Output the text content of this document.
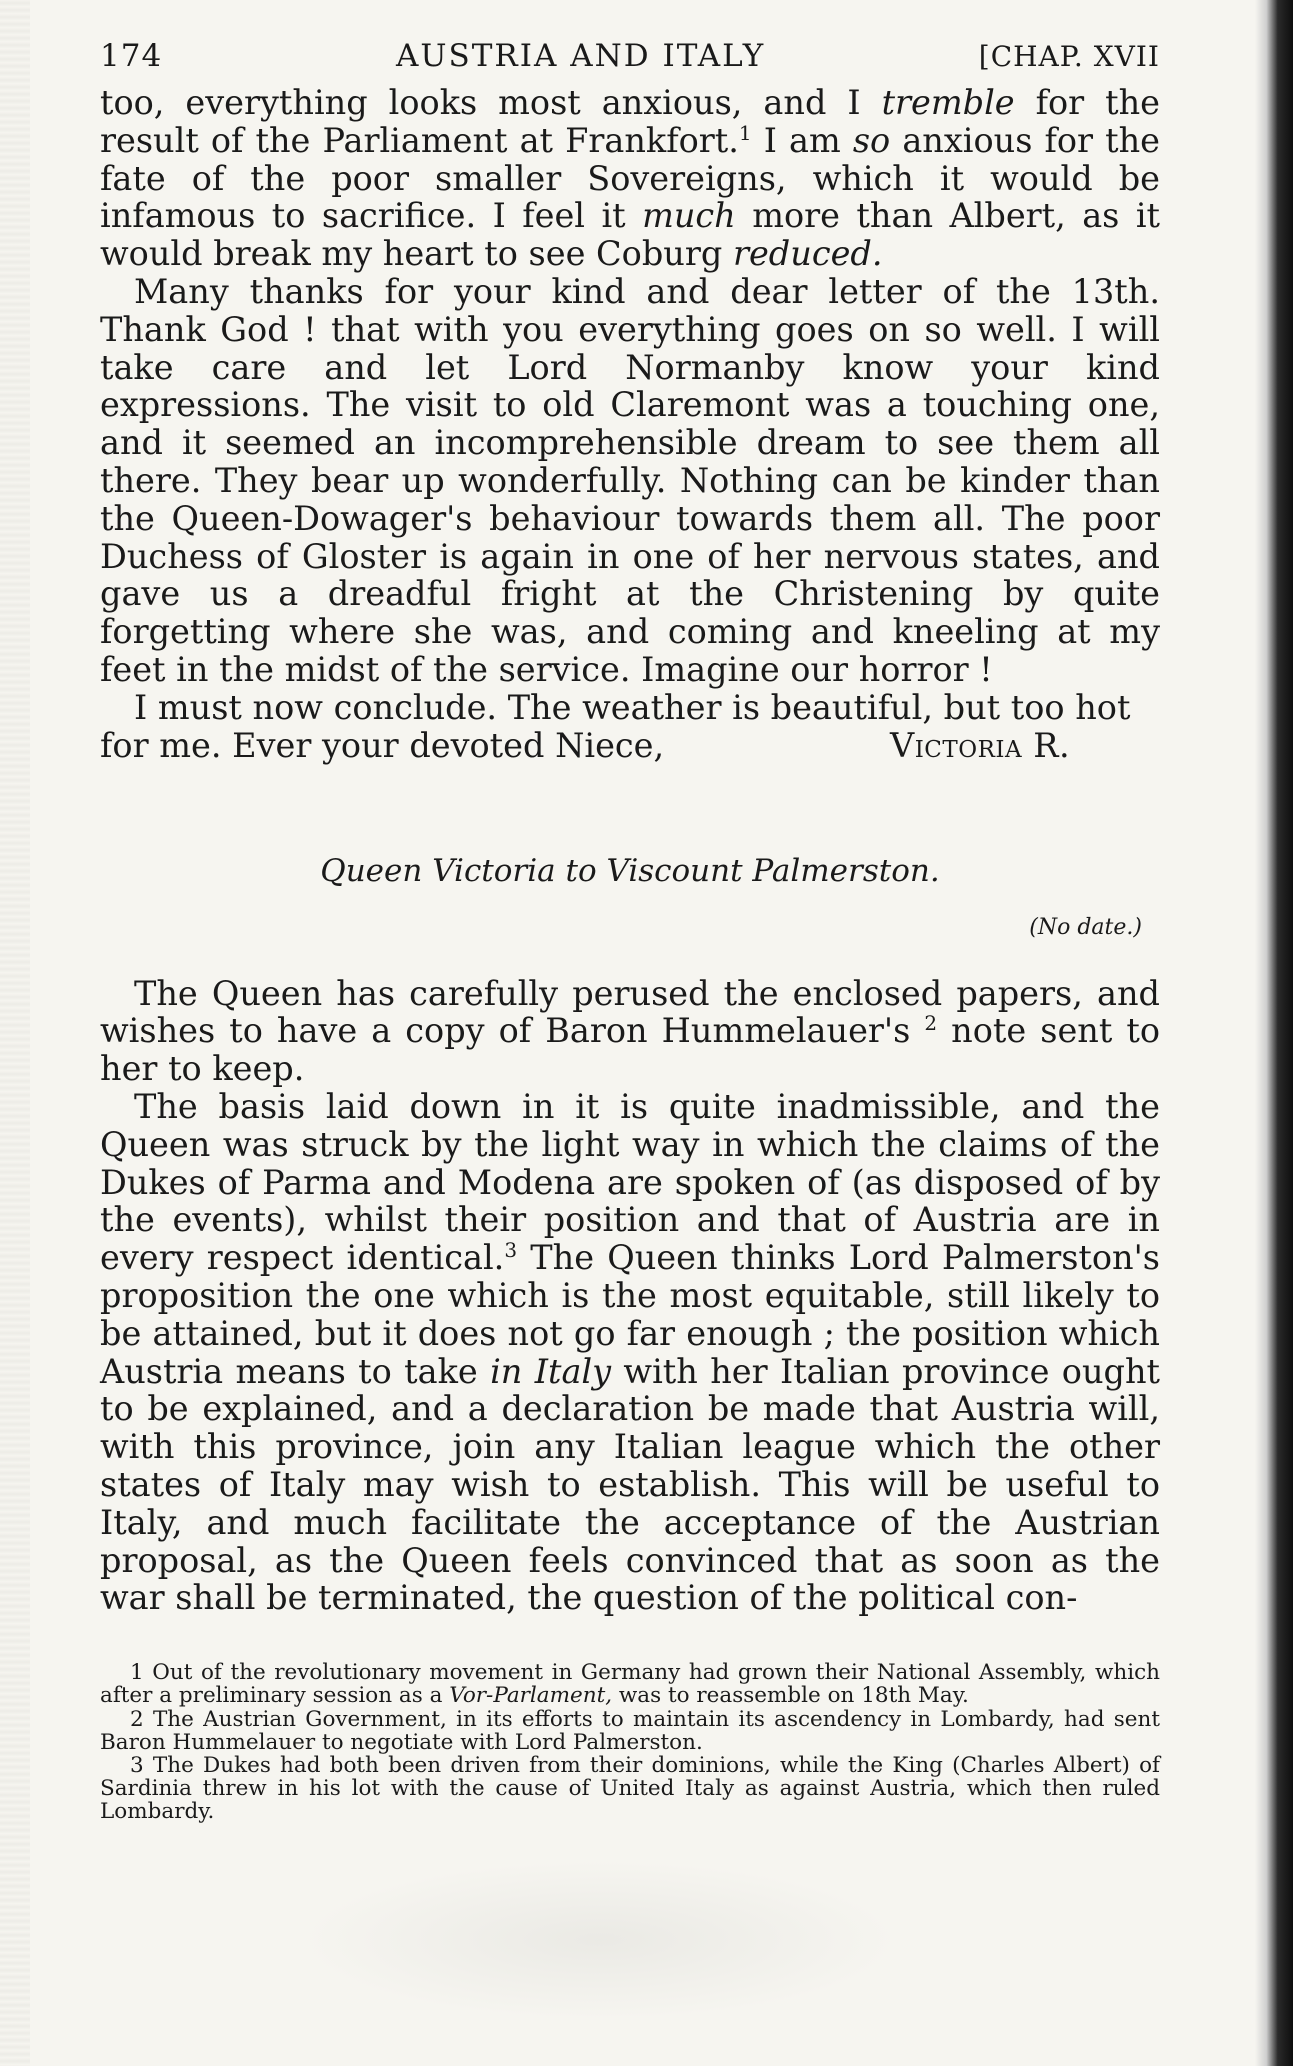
174	AUSTRIA AND ITALY	[CHAP. XVII

too, everything looks most anxious, and I tremble for the result of the Parliament at Frankfort.$^1$ I am so anxious for the fate of the poor smaller Sovereigns, which it would be infamous to sacrifice. I feel it much more than Albert, as it would break my heart to see Coburg reduced.

Many thanks for your kind and dear letter of the 13th. Thank God ! that with you everything goes on so well. I will take care and let Lord Normanby know your kind expressions. The visit to old Claremont was a touching one, and it seemed an incomprehensible dream to see them all there. They bear up wonderfully. Nothing can be kinder than the Queen-Dowager's behaviour towards them all. The poor Duchess of Gloster is again in one of her nervous states, and gave us a dreadful fright at the Christening by quite forgetting where she was, and coming and kneeling at my feet in the midst of the service. Imagine our horror !

I must now conclude. The weather is beautiful, but too hot

for me. Ever your devoted Niece,	Victoria R.
Queen Victoria to Viscount Palmerston.
(No date.)

The Queen has carefully perused the enclosed papers, and wishes to have a copy of Baron Hummelauer's $^2$ note sent to her to keep.

The basis laid down in it is quite inadmissible, and the Queen was struck by the light way in which the claims of the Dukes of Parma and Modena are spoken of (as disposed of by the events), whilst their position and that of Austria are in every respect identical.$^3$ The Queen thinks Lord Palmerston's proposition the one which is the most equitable, still likely to be attained, but it does not go far enough ; the position which Austria means to take in Italy with her Italian province ought to be explained, and a declaration be made that Austria will, with this province, join any Italian league which the other states of Italy may wish to establish. This will be useful to Italy, and much facilitate the acceptance of the Austrian proposal, as the Queen feels convinced that as soon as the war shall be terminated, the question of the political con-

1 Out of the revolutionary movement in Germany had grown their National Assembly, which after a preliminary session as a Vor-Parlament, was to reassemble on 18th May.

2 The Austrian Government, in its efforts to maintain its ascendency in Lombardy, had sent Baron Hummelauer to negotiate with Lord Palmerston.

3 The Dukes had both been driven from their dominions, while the King (Charles Albert) of Sardinia threw in his lot with the cause of United Italy as against Austria, which then ruled Lombardy.
